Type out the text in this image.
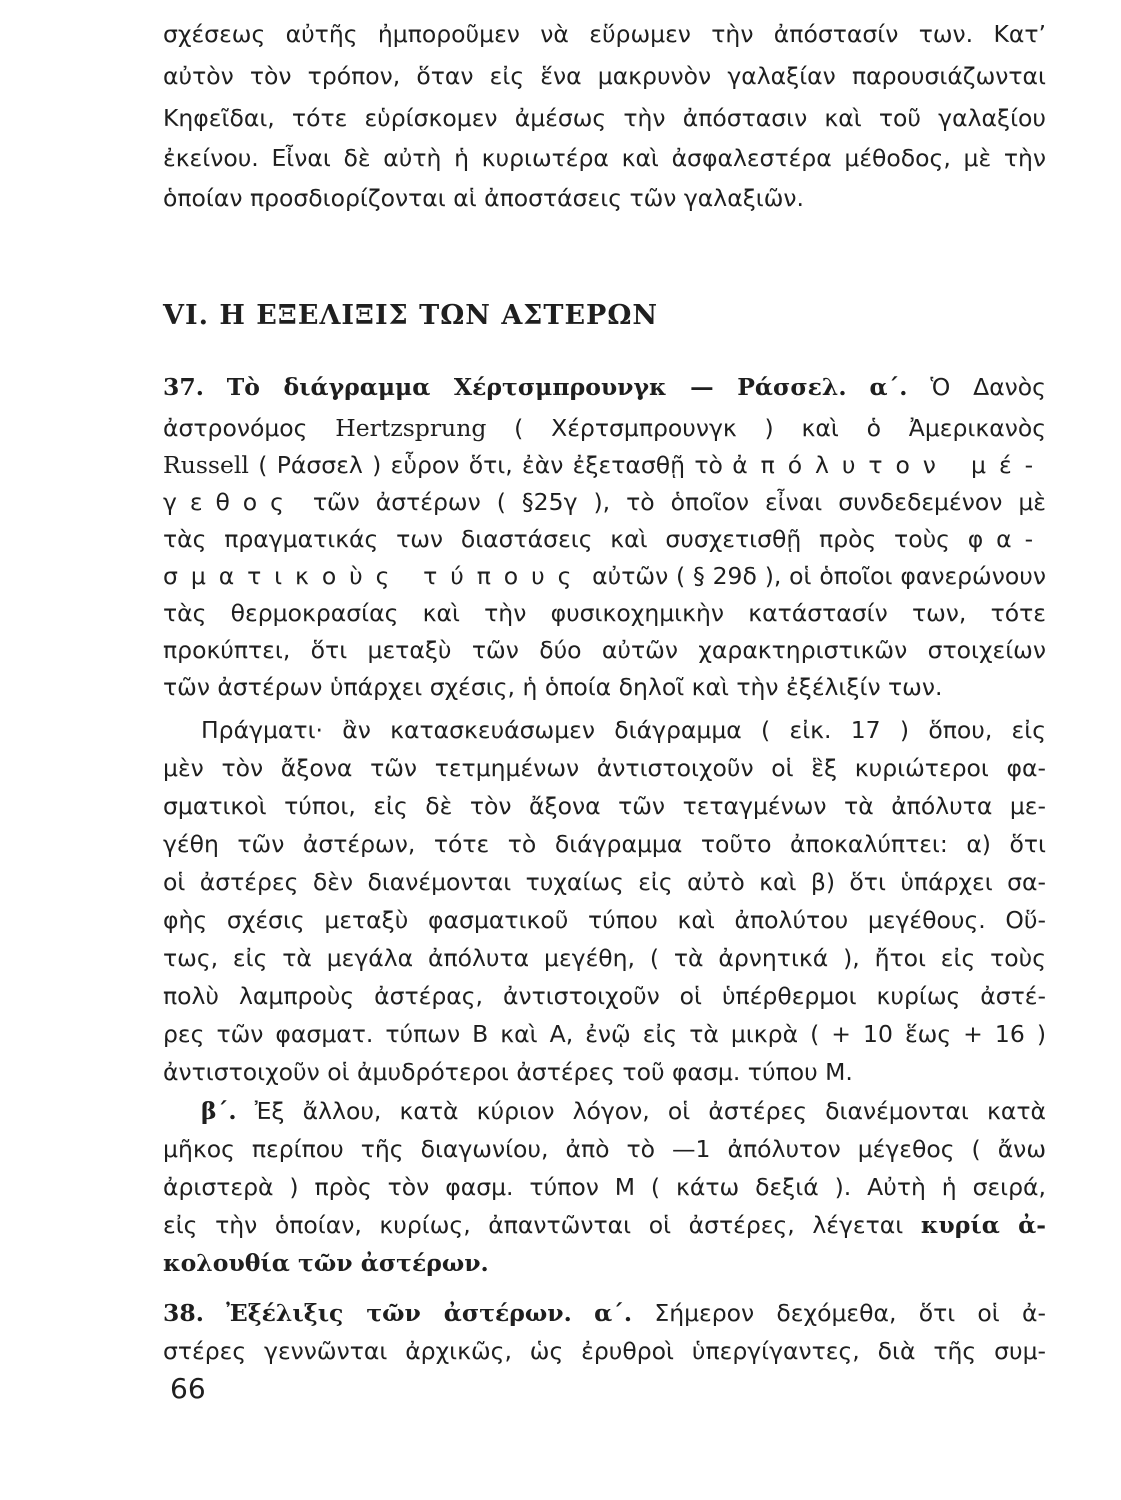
σχέσεως αὐτῆς ἠμποροῦμεν νὰ εὕρωμεν τὴν ἀπόστασίν των. Κατ’
αὐτὸν τὸν τρόπον, ὅταν εἰς ἕνα μακρυνὸν γαλαξίαν παρουσιάζωνται
Κηφεῖδαι, τότε εὑρίσκομεν ἀμέσως τὴν ἀπόστασιν καὶ τοῦ γαλαξίου
ἐκείνου. Εἶναι δὲ αὐτὴ ἡ κυριωτέρα καὶ ἀσφαλεστέρα μέθοδος, μὲ τὴν
ὁποίαν προσδιορίζονται αἱ ἀποστάσεις τῶν γαλαξιῶν.
VI. Η ΕΞΕΛΙΞΙΣ ΤΩΝ ΑΣΤΕΡΩΝ
37. Τὸ διάγραμμα Χέρτσμπρουνγκ — Ράσσελ. α΄. Ὁ Δανὸς
ἀστρονόμος Hertzsprung ( Χέρτσμπρουνγκ ) καὶ ὁ Ἀμερικανὸς
Russell ( Ράσσελ ) εὗρον ὅτι, ἐὰν ἐξετασθῇ τὸ ἀπόλυτον μέ-
γεθος τῶν ἀστέρων ( §25γ ), τὸ ὁποῖον εἶναι συνδεδεμένον μὲ
τὰς πραγματικάς των διαστάσεις καὶ συσχετισθῇ πρὸς τοὺς φα-
σματικοὺς τύπους αὐτῶν ( § 29δ ), οἱ ὁποῖοι φανερώνουν
τὰς θερμοκρασίας καὶ τὴν φυσικοχημικὴν κατάστασίν των, τότε
προκύπτει, ὅτι μεταξὺ τῶν δύο αὐτῶν χαρακτηριστικῶν στοιχείων
τῶν ἀστέρων ὑπάρχει σχέσις, ἡ ὁποία δηλοῖ καὶ τὴν ἐξέλιξίν των.
Πράγματι· ἂν κατασκευάσωμεν διάγραμμα ( εἰκ. 17 ) ὅπου, εἰς
μὲν τὸν ἄξονα τῶν τετμημένων ἀντιστοιχοῦν οἱ ἓξ κυριώτεροι φα-
σματικοὶ τύποι, εἰς δὲ τὸν ἄξονα τῶν τεταγμένων τὰ ἀπόλυτα με-
γέθη τῶν ἀστέρων, τότε τὸ διάγραμμα τοῦτο ἀποκαλύπτει: α) ὅτι
οἱ ἀστέρες δὲν διανέμονται τυχαίως εἰς αὐτὸ καὶ β) ὅτι ὑπάρχει σα-
φὴς σχέσις μεταξὺ φασματικοῦ τύπου καὶ ἀπολύτου μεγέθους. Οὕ-
τως, εἰς τὰ μεγάλα ἀπόλυτα μεγέθη, ( τὰ ἀρνητικά ), ἤτοι εἰς τοὺς
πολὺ λαμπροὺς ἀστέρας, ἀντιστοιχοῦν οἱ ὑπέρθερμοι κυρίως ἀστέ-
ρες τῶν φασματ. τύπων Β καὶ Α, ἐνῷ εἰς τὰ μικρὰ ( + 10 ἕως + 16 )
ἀντιστοιχοῦν οἱ ἀμυδρότεροι ἀστέρες τοῦ φασμ. τύπου Μ.
β΄. Ἐξ ἄλλου, κατὰ κύριον λόγον, οἱ ἀστέρες διανέμονται κατὰ
μῆκος περίπου τῆς διαγωνίου, ἀπὸ τὸ —1 ἀπόλυτον μέγεθος ( ἄνω
ἀριστερὰ ) πρὸς τὸν φασμ. τύπον Μ ( κάτω δεξιά ). Αὐτὴ ἡ σειρά,
εἰς τὴν ὁποίαν, κυρίως, ἀπαντῶνται οἱ ἀστέρες, λέγεται κυρία ἀ-
κολουθία τῶν ἀστέρων.
38. Ἐξέλιξις τῶν ἀστέρων. α΄. Σήμερον δεχόμεθα, ὅτι οἱ ἀ-
στέρες γεννῶνται ἀρχικῶς, ὡς ἐρυθροὶ ὑπεργίγαντες, διὰ τῆς συμ-
66
